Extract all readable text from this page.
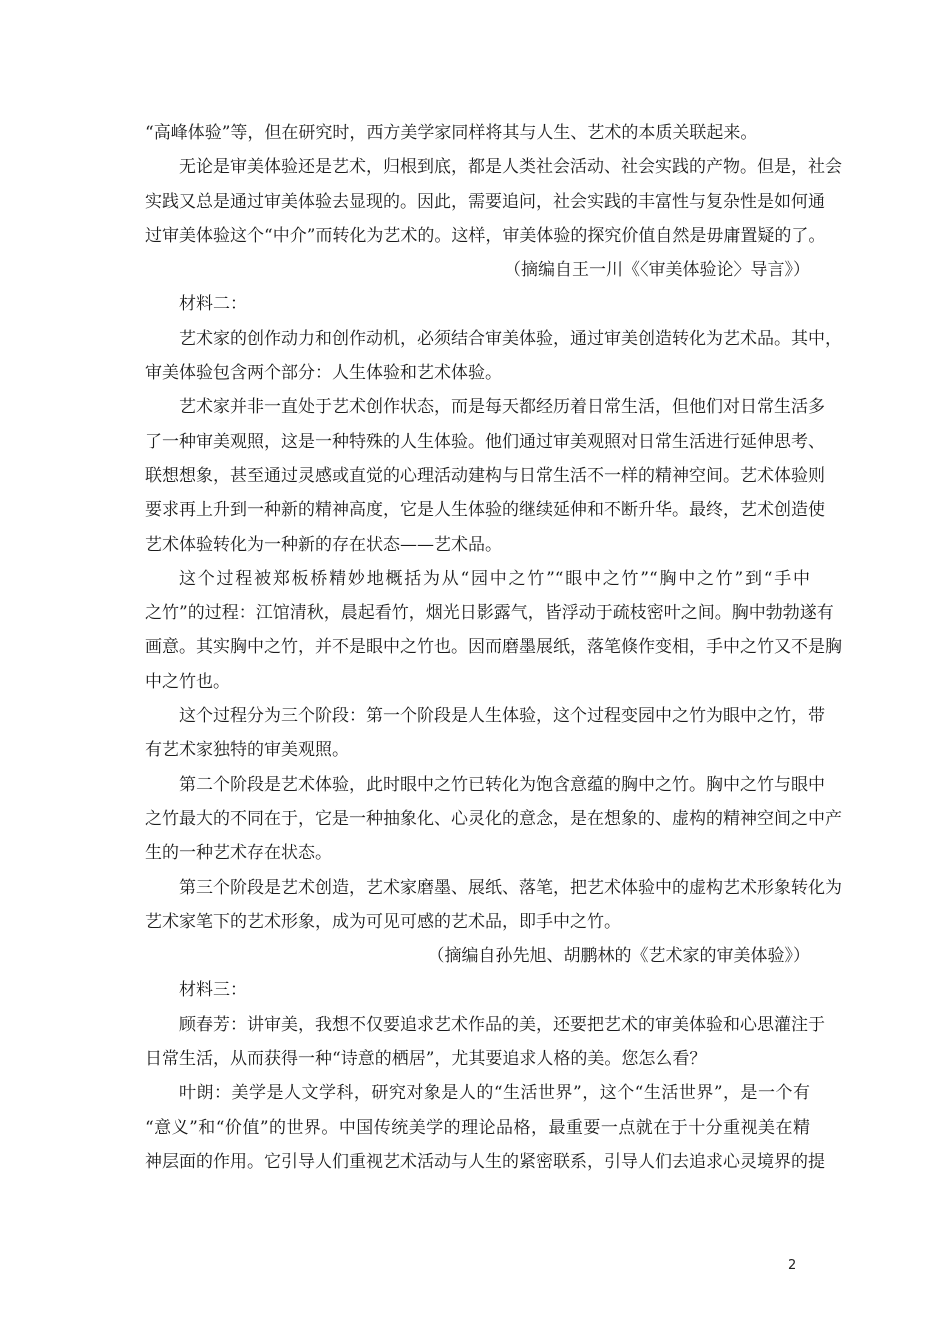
“高峰体验”等，但在研究时，西方美学家同样将其与人生、艺术的本质关联起来。
无论是审美体验还是艺术，归根到底，都是人类社会活动、社会实践的产物。但是，社会
实践又总是通过审美体验去显现的。因此，需要追问，社会实践的丰富性与复杂性是如何通
过审美体验这个“中介”而转化为艺术的。这样，审美体验的探究价值自然是毋庸置疑的了。
（摘编自王一川《〈审美体验论〉导言》）
材料二：
艺术家的创作动力和创作动机，必须结合审美体验，通过审美创造转化为艺术品。其中，
审美体验包含两个部分：人生体验和艺术体验。
艺术家并非一直处于艺术创作状态，而是每天都经历着日常生活，但他们对日常生活多
了一种审美观照，这是一种特殊的人生体验。他们通过审美观照对日常生活进行延伸思考、
联想想象，甚至通过灵感或直觉的心理活动建构与日常生活不一样的精神空间。艺术体验则
要求再上升到一种新的精神高度，它是人生体验的继续延伸和不断升华。最终，艺术创造使
艺术体验转化为一种新的存在状态——艺术品。
这个过程被郑板桥精妙地概括为从“园中之竹”“眼中之竹”“胸中之竹”到“手中
之竹”的过程：江馆清秋，晨起看竹，烟光日影露气，皆浮动于疏枝密叶之间。胸中勃勃遂有
画意。其实胸中之竹，并不是眼中之竹也。因而磨墨展纸，落笔倏作变相，手中之竹又不是胸
中之竹也。
这个过程分为三个阶段：第一个阶段是人生体验，这个过程变园中之竹为眼中之竹，带
有艺术家独特的审美观照。
第二个阶段是艺术体验，此时眼中之竹已转化为饱含意蕴的胸中之竹。胸中之竹与眼中
之竹最大的不同在于，它是一种抽象化、心灵化的意念，是在想象的、虚构的精神空间之中产
生的一种艺术存在状态。
第三个阶段是艺术创造，艺术家磨墨、展纸、落笔，把艺术体验中的虚构艺术形象转化为
艺术家笔下的艺术形象，成为可见可感的艺术品，即手中之竹。
（摘编自孙先旭、胡鹏林的《艺术家的审美体验》）
材料三：
顾春芳：讲审美，我想不仅要追求艺术作品的美，还要把艺术的审美体验和心思灌注于
日常生活，从而获得一种“诗意的栖居”，尤其要追求人格的美。您怎么看？
叶朗：美学是人文学科，研究对象是人的“生活世界”，这个“生活世界”，是一个有
“意义”和“价值”的世界。中国传统美学的理论品格，最重要一点就在于十分重视美在精
神层面的作用。它引导人们重视艺术活动与人生的紧密联系，引导人们去追求心灵境界的提
2
